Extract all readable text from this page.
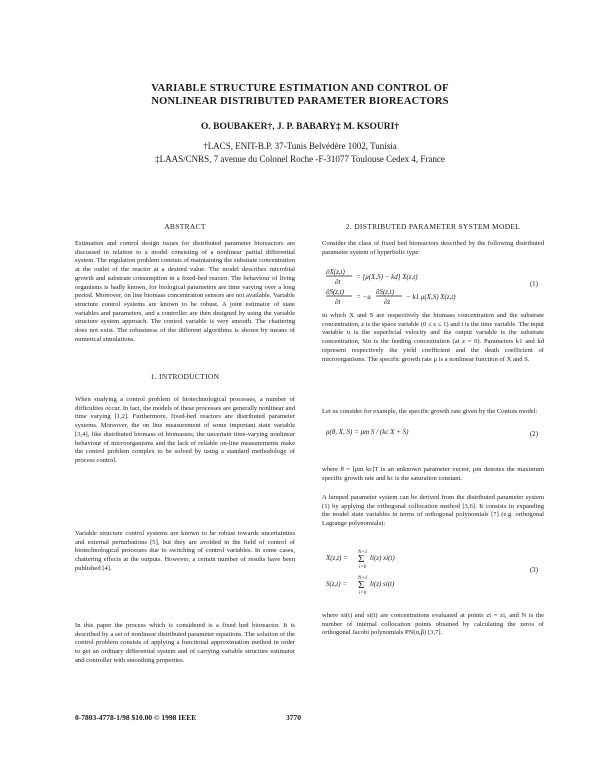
VARIABLE STRUCTURE ESTIMATION AND CONTROL OF
NONLINEAR DISTRIBUTED PARAMETER BIOREACTORS
O. BOUBAKER†, J. P. BABARY‡ M. KSOURI†
†LACS, ENIT-B.P. 37-Tunis Belvédère 1002, Tunisia
‡LAAS/CNRS, 7 avenue du Colonel Roche -F-31077 Toulouse Cedex 4, France
ABSTRACT
Estimation and control design issues for distributed parameter bioreactors are discussed in relation to a model consisting of a nonlinear partial differential system. The regulation problem consists of maintaining the substrate concentration at the outlet of the reactor at a desired value. The model describes microbial growth and substrate consumption in a fixed-bed reactor. The behaviour of living organisms is badly known, for biological parameters are time varying over a long period. Moreover, on line biomass concentration sensors are not available. Variable structure control systems are known to be robust. A joint estimator of state variables and parameters, and a controller are then designed by using the variable structure system approach. The control variable is very smooth. The chattering does not exist. The robustness of the different algorithms is shown by means of numerical simulations.
1. INTRODUCTION
When studying a control problem of biotechnological processes, a number of difficulties occur. In fact, the models of these processes are generally nonlinear and time varying [1,2]. Furthermore, fixed-bed reactors are distributed parameter systems. Moreover, the on line measurement of some important state variable [3,4], like distributed biomass of biomasses, the uncertain time-varying nonlinear behaviour of microorganisms and the lack of reliable on-line measurements make the control problem complex to be solved by using a standard methodology of process control.
Variable structure control systems are known to be robust towards uncertainties and external perturbations [5], but they are avoided in the field of control of biotechnological processes due to switching of control variables. In some cases, chattering effects at the outputs. However, a certain number of results have been published [4].
In this paper the process which is considered is a fixed bed bioreactor. It is described by a set of nonlinear distributed parameter equations. The solution of the control problem consists of applying a functional approximation method in order to get an ordinary differential system and of carrying variable structure estimator and controller with smoothing properties.
2. DISTRIBUTED PARAMETER SYSTEM MODEL
Consider the class of fixed bed bioreactors described by the following distributed parameter system of hyperbolic type:
∂X(z,t)
∂t
= [μ(X,S) − kd] X(z,t)
∂S(z,t)
∂t
= −u
∂S(z,t)
∂z
− k1 μ(X,S) X(z,t)
(1)
in which X and S are respectively the biomass concentration and the substrate concentration, z is the space variable (0 ≤ z ≤ 1) and t is the time variable. The input variable u is the superficial velocity and the output variable is the substrate concentration, Sin is the feeding concentration (at z = 0). Parameters k1 and kd represent respectively the yield coefficient and the death coefficient of microorganisms. The specific growth rate μ is a nonlinear function of X and S.
Let us consider for example, the specific growth rate given by the Contois model:
μ(θ, X, S) = μm S / (kc X + S)	(2)
where θ = [μm kc]T is an unknown parameter vector, μm denotes the maximum specific growth rate and kc is the saturation constant.
A lumped parameter system can be derived from the distributed parameter system (1) by applying the orthogonal collocation method [3,6]. It consists in expanding the model state variables in terms of orthogonal polynomials [7] (e.g. orthogonal Lagrange polynomials):
X(z,t) =
N+1
Σ
i=0
li(z) xi(t)
S(z,t) =
N+1
Σ
i=0
li(z) si(t)
(3)
where xi(t) and si(t) are concentrations evaluated at points zi = zi, and N is the number of internal collocation points obtained by calculating the zeros of orthogonal Jacobi polynomials PN(α,β) [3,7].
0-7803-4778-1/98 $10.00 © 1998 IEEE	3770
